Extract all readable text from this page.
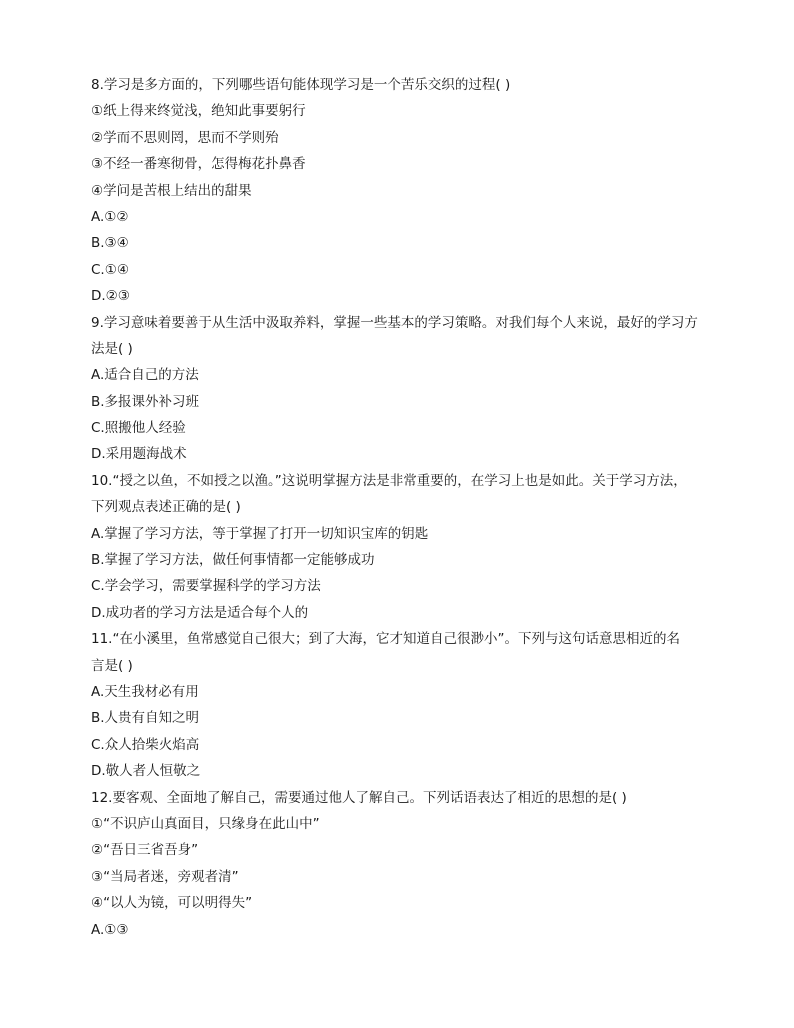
8.学习是多方面的，下列哪些语句能体现学习是一个苦乐交织的过程( )
①纸上得来终觉浅，绝知此事要躬行
②学而不思则罔，思而不学则殆
③不经一番寒彻骨，怎得梅花扑鼻香
④学问是苦根上结出的甜果
A.①②
B.③④
C.①④
D.②③
9.学习意味着要善于从生活中汲取养料，掌握一些基本的学习策略。对我们每个人来说，最好的学习方
法是( )
A.适合自己的方法
B.多报课外补习班
C.照搬他人经验
D.采用题海战术
10.“授之以鱼，不如授之以渔。”这说明掌握方法是非常重要的，在学习上也是如此。关于学习方法，
下列观点表述正确的是( )
A.掌握了学习方法，等于掌握了打开一切知识宝库的钥匙
B.掌握了学习方法，做任何事情都一定能够成功
C.学会学习，需要掌握科学的学习方法
D.成功者的学习方法是适合每个人的
11.“在小溪里，鱼常感觉自己很大；到了大海，它才知道自己很渺小”。下列与这句话意思相近的名
言是( )
A.天生我材必有用
B.人贵有自知之明
C.众人拾柴火焰高
D.敬人者人恒敬之
12.要客观、全面地了解自己，需要通过他人了解自己。下列话语表达了相近的思想的是( )
①“不识庐山真面目，只缘身在此山中”
②“吾日三省吾身”
③“当局者迷，旁观者清”
④“以人为镜，可以明得失”
A.①③
